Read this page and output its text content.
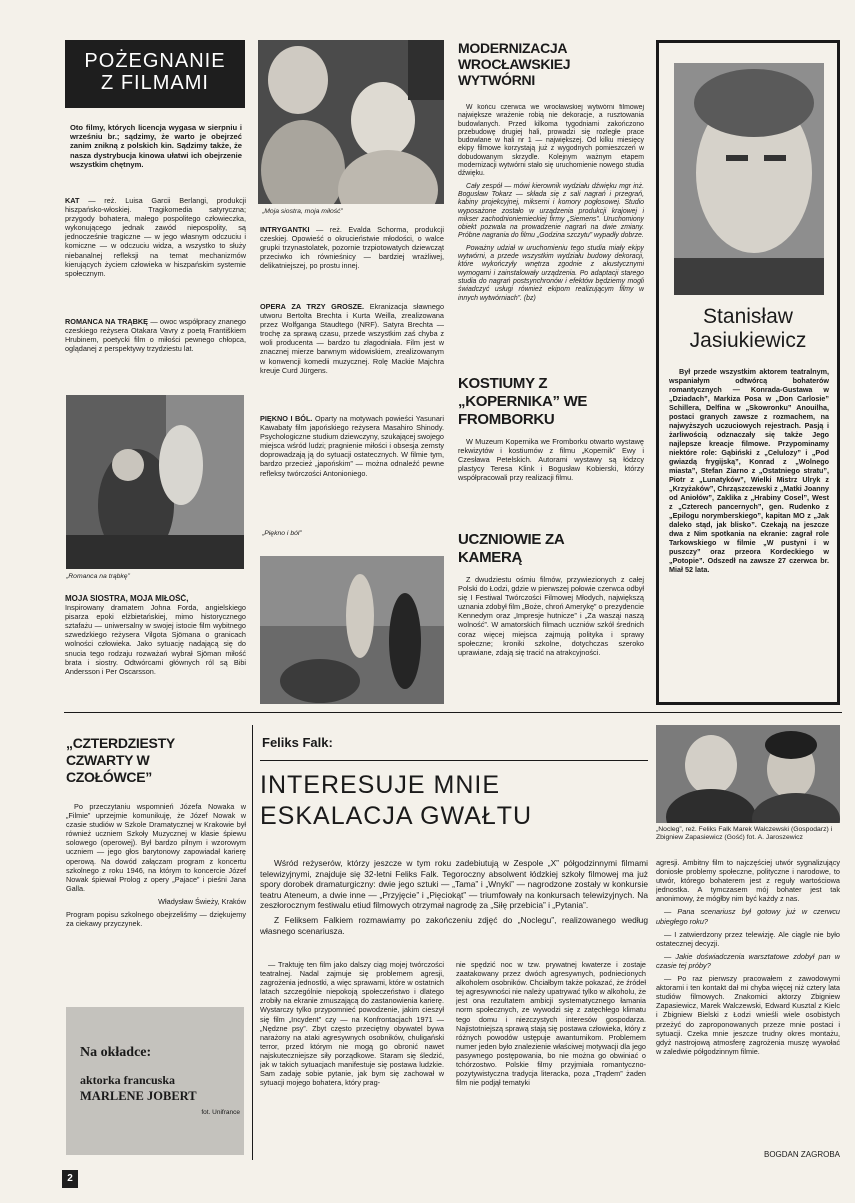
POŻEGNANIE
Z FILMAMI
Oto filmy, których licencja wygasa w sierpniu i wrześniu br.; sądzimy, że warto je obejrzeć zanim znikną z polskich kin. Sądzimy także, że nasza dystrybucja kinowa ułatwi ich obejrzenie wszystkim chętnym.
KAT — reż. Luisa Garcii Berlangi, produkcji hiszpańsko-włoskiej. Tragikomedia satyryczna; przygody bohatera, małego pospolitego człowieczka, wykonującego jednak zawód niepospolity, są jednocześnie tragiczne — w jego własnym odczuciu i komiczne — w odczuciu widza, a wszystko to służy niebanalnej refleksji na temat mechanizmów kierujących życiem człowieka w hiszpańskim systemie społecznym.
ROMANCA NA TRĄBKĘ — owoc współpracy znanego czeskiego reżysera Otakara Vavry z poetą Františkiem Hrubinem, poetycki film o miłości pewnego chłopca, oglądanej z perspektywy trzydziestu lat.
„Romanca na trąbkę”
MOJA SIOSTRA, MOJA MIŁOŚĆ,
Inspirowany dramatem Johna Forda, angielskiego pisarza epoki elżbietańskiej, mimo historycznego sztafażu — uniwersalny w swojej istocie film wybitnego szwedzkiego reżysera Vilgota Sjömana o granicach wolności człowieka. Jako sytuację nadającą się do snucia tego rodzaju rozważań wybrał Sjöman miłość brata i siostry. Odtwórcami głównych ról są Bibi Andersson i Per Oscarsson.
„Moja siostra, moja miłość”
INTRYGANTKI — reż. Evalda Schorma, produkcji czeskiej. Opowieść o okrucieństwie młodości, o walce grupki trzynastolatek, pozornie trzpiotowatych dziewcząt przeciwko ich równieśnicy — bardziej wrażliwej, delikatniejszej, po prostu innej.
OPERA ZA TRZY GROSZE. Ekranizacja sławnego utworu Bertolta Brechta i Kurta Weilla, zrealizowana przez Wolfganga Staudtego (NRF). Satyra Brechta — trochę za sprawą czasu, przede wszystkim zaś chyba z woli producenta — bardzo tu złagodniała. Film jest w znacznej mierze barwnym widowiskiem, zrealizowanym w konwencji komedii muzycznej. Rolę Mackie Majchra kreuje Curd Jürgens.
PIĘKNO I BÓL. Oparty na motywach powieści Yasunari Kawabaty film japońskiego reżysera Masahiro Shinody. Psychologiczne studium dziewczyny, szukającej swojego miejsca wśród ludzi; pragnienie miłości i obsesja zemsty doprowadzają ją do sytuacji ostatecznych. W filmie tym, bardzo przecież „japońskim” — można odnaleźć pewne refleksy twórczości Antonioniego.
„Piękno i ból”
MODERNIZACJA WROCŁAWSKIEJ WYTWÓRNI

W końcu czerwca we wrocławskiej wytwórni filmowej największe wrażenie robią nie dekoracje, a rusztowania budowlanych. Przed kilkoma tygodniami zakończono przebudowę drugiej hali, prowadzi się rozległe prace budowlane w hali nr 1 — największej. Od kilku miesięcy ekipy filmowe korzystają już z wygodnych pomieszczeń w dobudowanym skrzydle. Kolejnym ważnym etapem modernizacji wytwórni stało się uruchomienie nowego studia dźwięku.

Cały zespół — mówi kierownik wydziału dźwięku mgr inż. Bogusław Tokarz — składa się z sali nagrań i przegrań, kabiny projekcyjnej, mikserni i komory pogłosowej. Studio wyposażone zostało w urządzenia produkcji krajowej i mikser zachodnioniemieckiej firmy „Siemens”. Uruchomiony obiekt pozwala na prowadzenie nagrań na dwie zmiany. Próbne nagrania do filmu „Godzina szczytu” wypadły dobrze.

Poważny udział w uruchomieniu tego studia miały ekipy wytwórni, a przede wszystkim wydziału budowy dekoracji, które wykończyły wnętrza zgodnie z akustycznymi wymogami i zainstalowały urządzenia. Po adaptacji starego studia do nagrań postsynchronów i efektów będziemy mogli świadczyć usługi również ekipom realizującym filmy w innych wytwórniach”. (bz)

KOSTIUMY Z „KOPERNIKA” WE FROMBORKU
W Muzeum Kopernika we Fromborku otwarto wystawę rekwizytów i kostiumów z filmu „Kopernik” Ewy i Czesława Petelskich. Autorami wystawy są łódzcy plastycy Teresa Klink i Bogusław Kobierski, którzy współpracowali przy realizacji filmu.
UCZNIOWIE ZA KAMERĄ
Z dwudziestu ośmiu filmów, przywiezionych z całej Polski do Łodzi, gdzie w pierwszej połowie czerwca odbył się I Festiwal Twórczości Filmowej Młodych, największą uznania zdobył film „Boże, chroń Amerykę” o prezydencie Kennedym oraz „Impresje hutnicze” i „Za wasząi naszą wolność”. W amatorskich filmach uczniów szkół średnich coraz więcej miejsca zajmują polityka i sprawy społeczne; kroniki szkolne, dotychczas szeroko uprawiane, zdają się tracić na atrakcyjności.
Stanisław
Jasiukiewicz
Był przede wszystkim aktorem teatralnym, wspaniałym odtwórcą bohaterów romantycznych — Konrada-Gustawa w „Dziadach”, Markiza Posa w „Don Carlosie” Schillera, Delfina w „Skowronku” Anouilha, postaci granych zawsze z rozmachem, na najwyższych uczuciowych rejestrach. Pasją i żarliwością odznaczały się także Jego najlepsze kreacje filmowe. Przypominamy niektóre role: Gąbiński z „Celulozy” i „Pod gwiazdą frygijską”, Konrad z „Wolnego miasta”, Stefan Ziarno z „Ostatniego stratu”, Piotr z „Lunatyków”, Wielki Mistrz Ulryk z „Krzyżaków”, Chrząszczewski z „Matki Joanny od Aniołów”, Zaklika z „Hrabiny Cosel”, West z „Czterech pancernych”, gen. Rudenko z „Epilogu norymberskiego”, kapitan MO z „Jak daleko stąd, jak blisko”. Czekają na jeszcze dwa z Nim spotkania na ekranie: zagrał role Tarkowskiego w filmie „W pustyni i w puszczy” oraz przeora Kordeckiego w „Potopie”. Odszedł na zawsze 27 czerwca br. Miał 52 lata.
„CZTERDZIESTY CZWARTY W CZOŁÓWCE”

Po przeczytaniu wspomnień Józefa Nowaka w „Filmie” uprzejmie komunikuję, że Józef Nowak w czasie studiów w Szkole Dramatycznej w Krakowie był również uczniem Szkoły Muzycznej w klasie śpiewu solowego (operowej). Był bardzo pilnym i wzorowym uczniem — jego głos barytonowy zapowiadał karierę operową. Na dowód załączam program z koncertu szkolnego z roku 1946, na którym to koncercie Józef Nowak śpiewał Prolog z opery „Pajace” i pieśni Jana Galla.

Władysław Świeży, Kraków

Program popisu szkolnego obejrzeliśmy — dziękujemy za ciekawy przyczynek.

Na okładce:
aktorka francuska
MARLENE JOBERT
fot. Unifrance
2
Feliks Falk:
INTERESUJE MNIE
ESKALACJA GWAŁTU	„Nocleg”, reż. Feliks Falk Marek Walczewski (Gospodarz) i Zbigniew Zapasiewicz (Gość) fot. A. Jaroszewicz

Wśród reżyserów, którzy jeszcze w tym roku zadebiutują w Zespole „X” półgodzinnymi filmami telewizyjnymi, znajduje się 32-letni Feliks Falk. Tegoroczny absolwent łódzkiej szkoły filmowej ma już spory dorobek dramaturgiczny: dwie jego sztuki — „Tama” i „Wnyki” — nagrodzone zostały w konkursie teatru Ateneum, a dwie inne — „Przyjęcie” i „Pięciokąt” — triumfowały na konkursach telewizyjnych. Na zeszłorocznym festiwalu etiud filmowych otrzymał nagrodę za „Siłę przebicia” i „Pytania”.

Z Feliksem Falkiem rozmawiamy po zakończeniu zdjęć do „Noclegu”, realizowanego według własnego scenariusza.

— Traktuję ten film jako dalszy ciąg mojej twórczości teatralnej. Nadal zajmuje się problemem agresji, zagrożenia jednostki, a więc sprawami, które w ostatnich latach szczególnie niepokoją społeczeństwo i dlatego zrobiły na ekranie zmuszającą do zastanowienia karierę. Wystarczy tylko przypomnieć powodzenie, jakim cieszył się film „Incydent” czy — na Konfrontacjach 1971 — „Nędzne psy”. Zbyt często przeciętny obywatel bywa narażony na ataki agresywnych osobników, chuligański terror, przed którym nie mogą go obronić nawet najskuteczniejsze siły porządkowe. Staram się śledzić, jak w takich sytuacjach manifestuje się postawa ludzkie. Sam zadaję sobie pytanie, jak bym się zachował w sytuacji mojego bohatera, który prag-
nie spędzić noc w tzw. prywatnej kwaterze i zostaje zaatakowany przez dwóch agresywnych, podniecionych alkoholem osobników. Chciałbym także pokazać, że źródeł tej agresywności nie należy upatrywać tylko w alkoholu, że jest ona rezultatem ambicji systematycznego łamania norm społecznych, ze wywodzi się z zatęchłego klimatu tego domu i niezczystych interesów gospodarza. Najistotniejszą sprawą stają się postawa człowieka, który z różnych powodów ustępuje awanturnikom. Problemem numer jeden było znalezienie właściwej motywacji dla jego pasywnego postępowania, bo nie można go obwiniać o tchórzostwo. Polskie filmy przyjmiała romantyczno-pozytywistyczna tradycja literacka, poza „Trądem” żaden film nie podjął tematyki

agresji. Ambitny film to najczęściej utwór sygnalizujący doniosłe problemy społeczne, polityczne i narodowe, to utwór, którego bohaterem jest z reguły wartościowa jednostka. A tymczasem mój bohater jest tak anonimowy, że mógłby nim być każdy z nas.

— Pana scenariusz był gotowy już w czerwcu ubiegłego roku?

— I zatwierdzony przez telewizję. Ale ciągle nie było ostatecznej decyzji.

— Jakie doświadczenia warsztatowe zdobył pan w czasie tej próby?

— Po raz pierwszy pracowałem z zawodowymi aktorami i ten kontakt dał mi chyba więcej niż cztery lata studiów filmowych. Znakomici aktorzy Zbigniew Zapasiewicz, Marek Walczewski, Edward Kusztal z Kielc i Zbigniew Bielski z Łodzi wnieśli wiele osobistych przeżyć do zaproponowanych przeze mnie postaci i sytuacji. Czeka mnie jeszcze trudny okres montażu, gdyż nastrojową atmosferę zagrożenia muszę wywołać w zaledwie półgodzinnym filmie.

BOGDAN ZAGROBA
